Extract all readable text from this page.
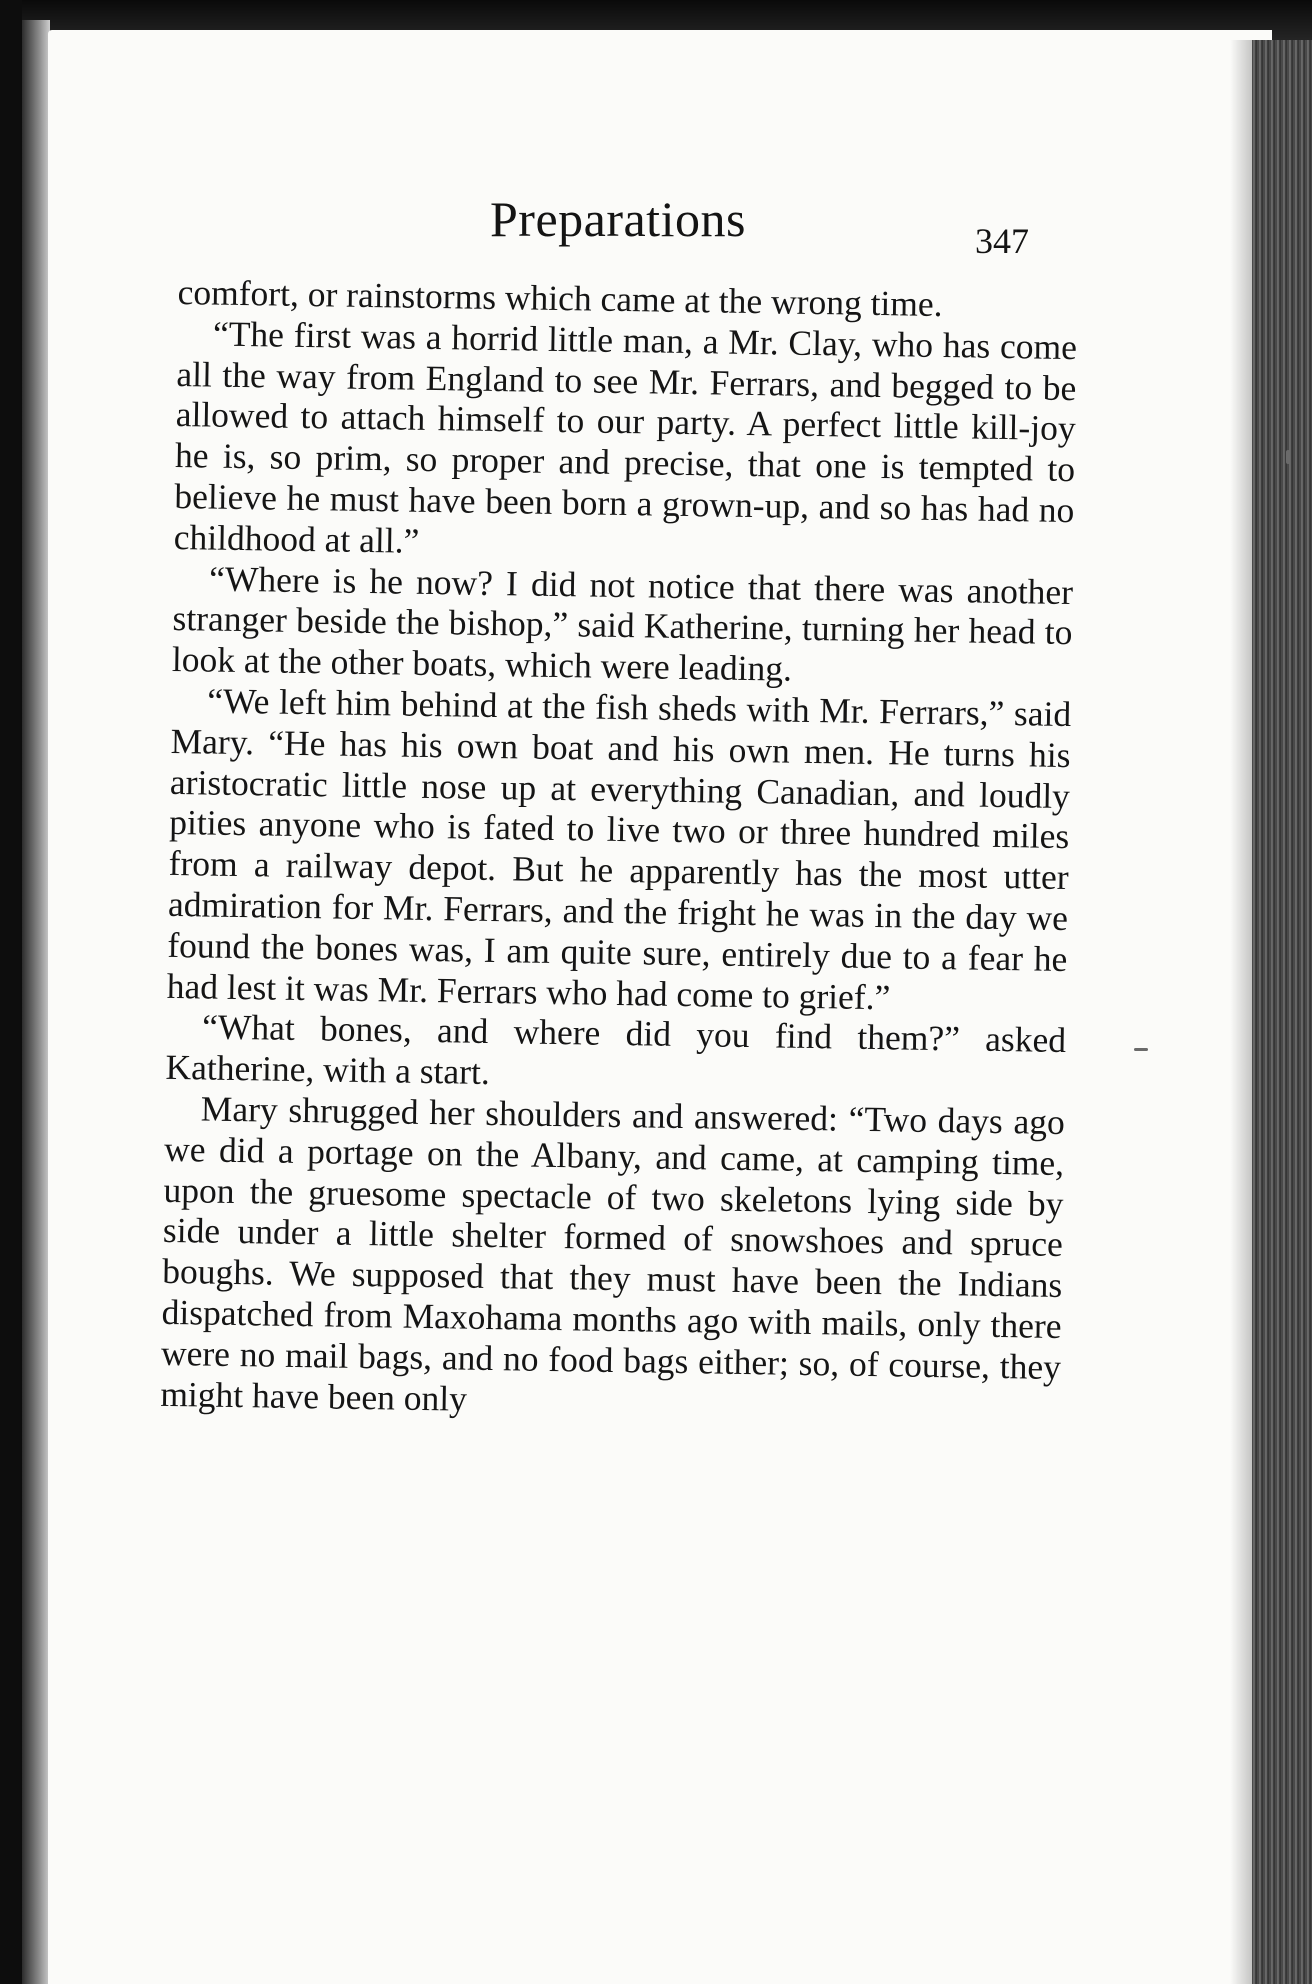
Preparations	347

comfort, or rainstorms which came at the wrong time.

“The first was a horrid little man, a Mr. Clay, who has come all the way from England to see Mr. Ferrars, and begged to be allowed to attach himself to our party. A perfect little kill-joy he is, so prim, so proper and precise, that one is tempted to believe he must have been born a grown-up, and so has had no childhood at all.”

“Where is he now? I did not notice that there was another stranger beside the bishop,” said Katherine, turning her head to look at the other boats, which were leading.

“We left him behind at the fish sheds with Mr. Ferrars,” said Mary. “He has his own boat and his own men. He turns his aristocratic little nose up at everything Canadian, and loudly pities anyone who is fated to live two or three hundred miles from a railway depot. But he apparently has the most utter admiration for Mr. Ferrars, and the fright he was in the day we found the bones was, I am quite sure, entirely due to a fear he had lest it was Mr. Ferrars who had come to grief.”

“What bones, and where did you find them?” asked Katherine, with a start.

Mary shrugged her shoulders and answered: “Two days ago we did a portage on the Albany, and came, at camping time, upon the gruesome spectacle of two skeletons lying side by side under a little shelter formed of snowshoes and spruce boughs. We supposed that they must have been the Indians dispatched from Maxohama months ago with mails, only there were no mail bags, and no food bags either; so, of course, they might have been only
